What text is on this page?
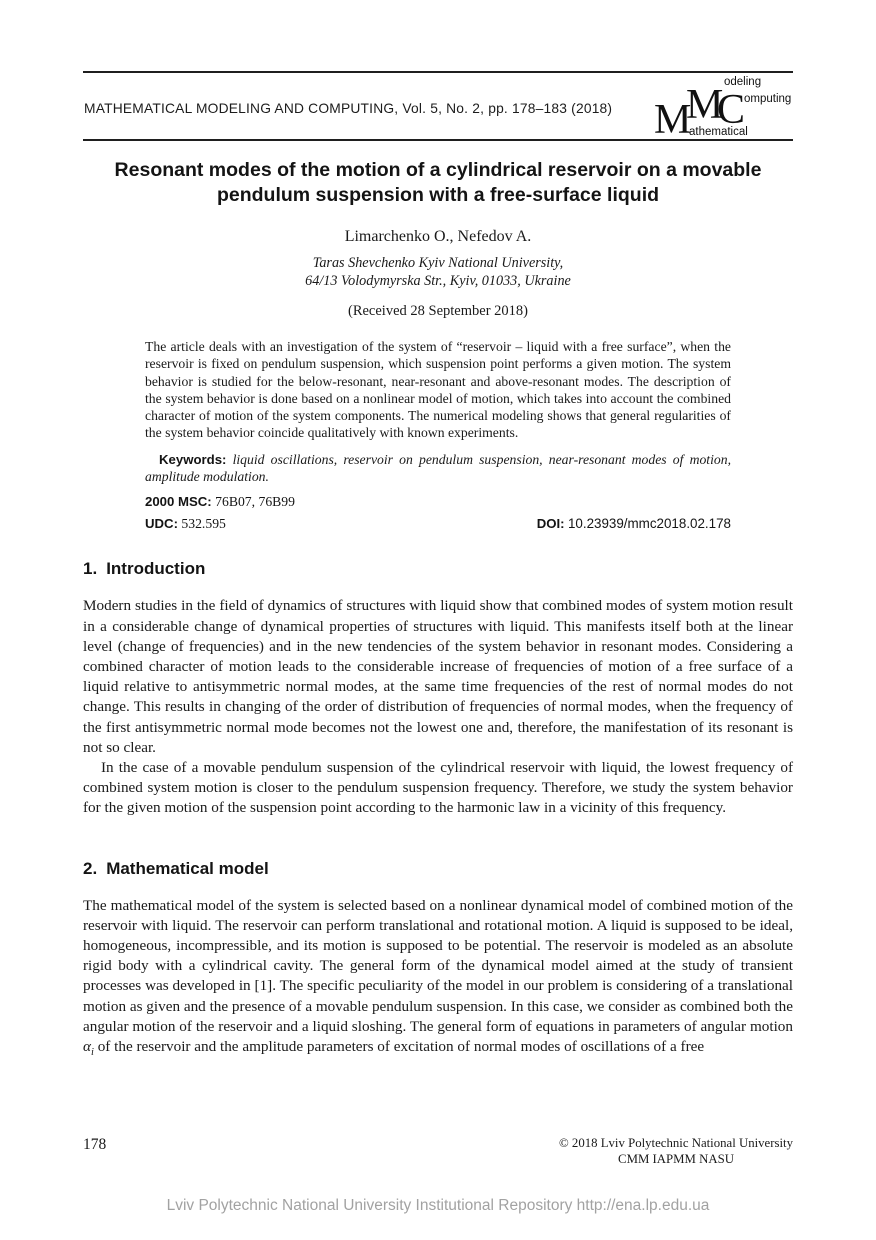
MATHEMATICAL MODELING AND COMPUTING, Vol. 5, No. 2, pp. 178–183 (2018) M
C
M
odeling
omputing
athematical
Resonant modes of the motion of a cylindrical reservoir on a movable
pendulum suspension with a free-surface liquid
Limarchenko O., Nefedov A.
Taras Shevchenko Kyiv National University,
64/13 Volodymyrska Str., Kyiv, 01033, Ukraine
(Received 28 September 2018)

The article deals with an investigation of the system of “reservoir – liquid with a free surface”, when the reservoir is fixed on pendulum suspension, which suspension point performs a given motion. The system behavior is studied for the below-resonant, near-resonant and above-resonant modes. The description of the system behavior is done based on a nonlinear model of motion, which takes into account the combined character of motion of the system components. The numerical modeling shows that general regularities of the system behavior coincide qualitatively with known experiments.

Keywords: liquid oscillations, reservoir on pendulum suspension, near-resonant modes of motion, amplitude modulation.

2000 MSC: 76B07, 76B99

UDC: 532.595	DOI: 10.23939/mmc2018.02.178
1. Introduction

Modern studies in the field of dynamics of structures with liquid show that combined modes of system motion result in a considerable change of dynamical properties of structures with liquid. This manifests itself both at the linear level (change of frequencies) and in the new tendencies of the system behavior in resonant modes. Considering a combined character of motion leads to the considerable increase of frequencies of motion of a free surface of a liquid relative to antisymmetric normal modes, at the same time frequencies of the rest of normal modes do not change. This results in changing of the order of distribution of frequencies of normal modes, when the frequency of the first antisymmetric normal mode becomes not the lowest one and, therefore, the manifestation of its resonant is not so clear.

In the case of a movable pendulum suspension of the cylindrical reservoir with liquid, the lowest frequency of combined system motion is closer to the pendulum suspension frequency. Therefore, we study the system behavior for the given motion of the suspension point according to the harmonic law in a vicinity of this frequency.

2. Mathematical model

The mathematical model of the system is selected based on a nonlinear dynamical model of combined motion of the reservoir with liquid. The reservoir can perform translational and rotational motion. A liquid is supposed to be ideal, homogeneous, incompressible, and its motion is supposed to be potential. The reservoir is modeled as an absolute rigid body with a cylindrical cavity. The general form of the dynamical model aimed at the study of transient processes was developed in [1]. The specific peculiarity of the model in our problem is considering of a translational motion as given and the presence of a movable pendulum suspension. In this case, we consider as combined both the angular motion of the reservoir and a liquid sloshing. The general form of equations in parameters of angular motion $\alpha_i$ of the reservoir and the amplitude parameters of excitation of normal modes of oscillations of a free

178	© 2018 Lviv Polytechnic National University
CMM IAPMM NASU
Lviv Polytechnic National University Institutional Repository http://ena.lp.edu.ua
